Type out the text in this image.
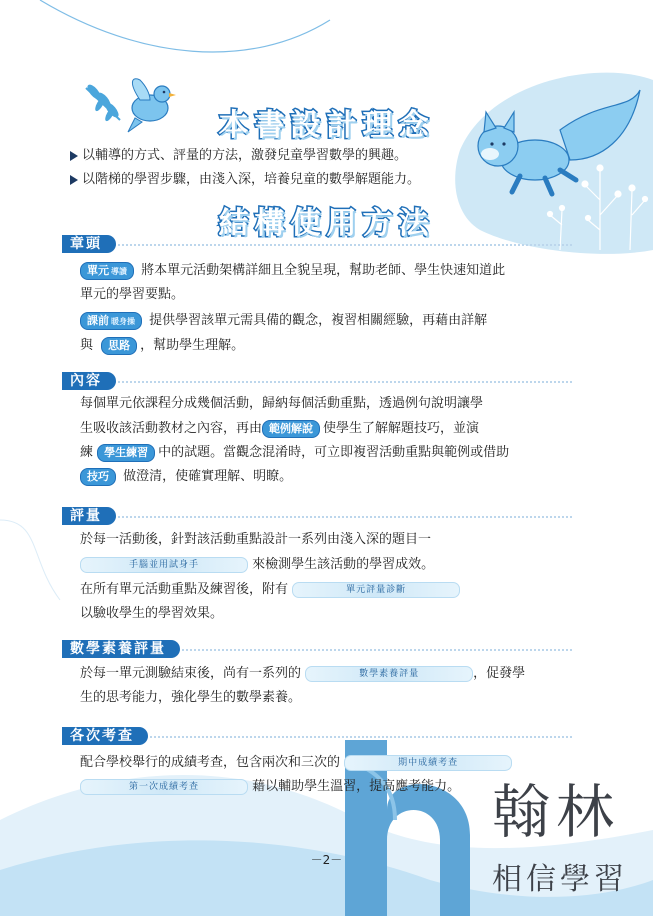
本書設計理念
以輔導的方式、評量的方法，激發兒童學習數學的興趣。
以階梯的學習步驟，由淺入深，培養兒童的數學解題能力。
結構使用方法
章頭
單元 導讀 將本單元活動架構詳細且全貌呈現，幫助老師、學生快速知道此
單元的學習要點。
課前 暖身操 提供學習該單元需具備的觀念，複習相關經驗，再藉由詳解
與 思路 ，幫助學生理解。
內容
每個單元依課程分成幾個活動，歸納每個活動重點，透過例句說明讓學
生吸收該活動教材之內容，再由 範例解說 使學生了解解題技巧，並演
練 學生練習 中的試題。當觀念混淆時，可立即複習活動重點與範例或借助
技巧 做澄清，使確實理解、明瞭。
評量
於每一活動後，針對該活動重點設計一系列由淺入深的題目一
手腦並用試身手	來檢測學生該活動的學習成效。
在所有單元活動重點及練習後，附有	單元評量診斷
以驗收學生的學習效果。
數學素養評量
於每一單元測驗結束後，尚有一系列的	數學素養評量	，促發學
生的思考能力，強化學生的數學素養。
各次考查
配合學校舉行的成績考查，包含兩次和三次的	期中成績考查
第一次成績考查	藉以輔助學生溫習，提高應考能力。
－2－
翰林
相信學習
